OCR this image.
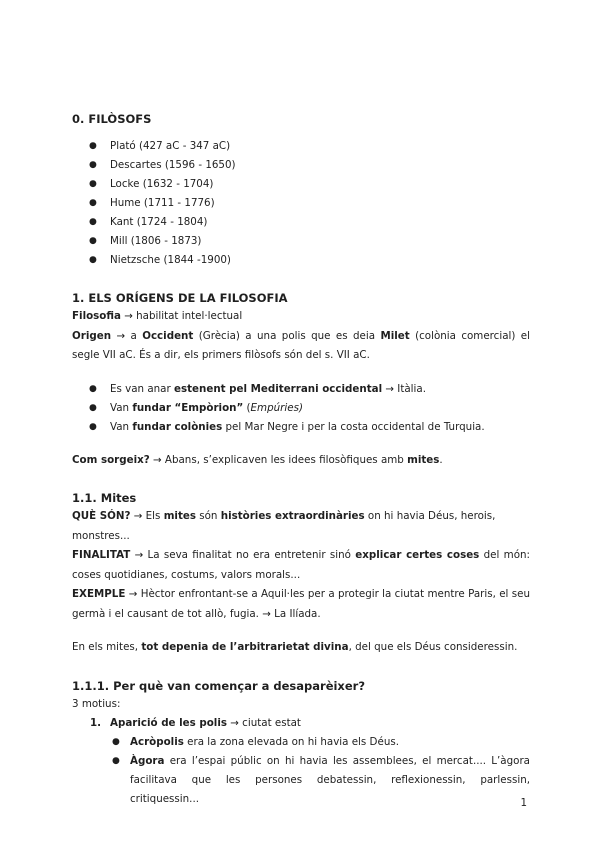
0. FILÒSOFS

● Plató (427 aC - 347 aC)
● Descartes (1596 - 1650)
● Locke (1632 - 1704)
● Hume (1711 - 1776)
● Kant (1724 - 1804)
● Mill (1806 - 1873)
● Nietzsche (1844 -1900)

1. ELS ORÍGENS DE LA FILOSOFIA

Filosofia → habilitat intel·lectual

Origen → a Occident (Grècia) a una polis que es deia Milet (colònia comercial) el segle VII aC. És a dir, els primers filòsofs són del s. VII aC.

● Es van anar estenent pel Mediterrani occidental → Itàlia.
● Van fundar “Empòrion” (Empúries)
● Van fundar colònies pel Mar Negre i per la costa occidental de Turquia.

Com sorgeix? → Abans, s’explicaven les idees filosòfiques amb mites.

1.1. Mites

QUÈ SÓN? → Els mites són històries extraordinàries on hi havia Déus, herois, monstres...

FINALITAT → La seva finalitat no era entretenir sinó explicar certes coses del món: coses quotidianes, costums, valors morals...

EXEMPLE → Hèctor enfrontant-se a Aquil·les per a protegir la ciutat mentre Paris, el seu germà i el causant de tot allò, fugia. → La Ilíada.

En els mites, tot depenia de l’arbitrarietat divina, del que els Déus consideressin.

1.1.1. Per què van començar a desaparèixer?

3 motius:

1. Aparició de les polis → ciutat estat
● Acròpolis era la zona elevada on hi havia els Déus.
● Àgora era l’espai públic on hi havia les assemblees, el mercat.... L’àgora facilitava que les persones debatessin, reflexionessin, parlessin, critiquessin...	1
